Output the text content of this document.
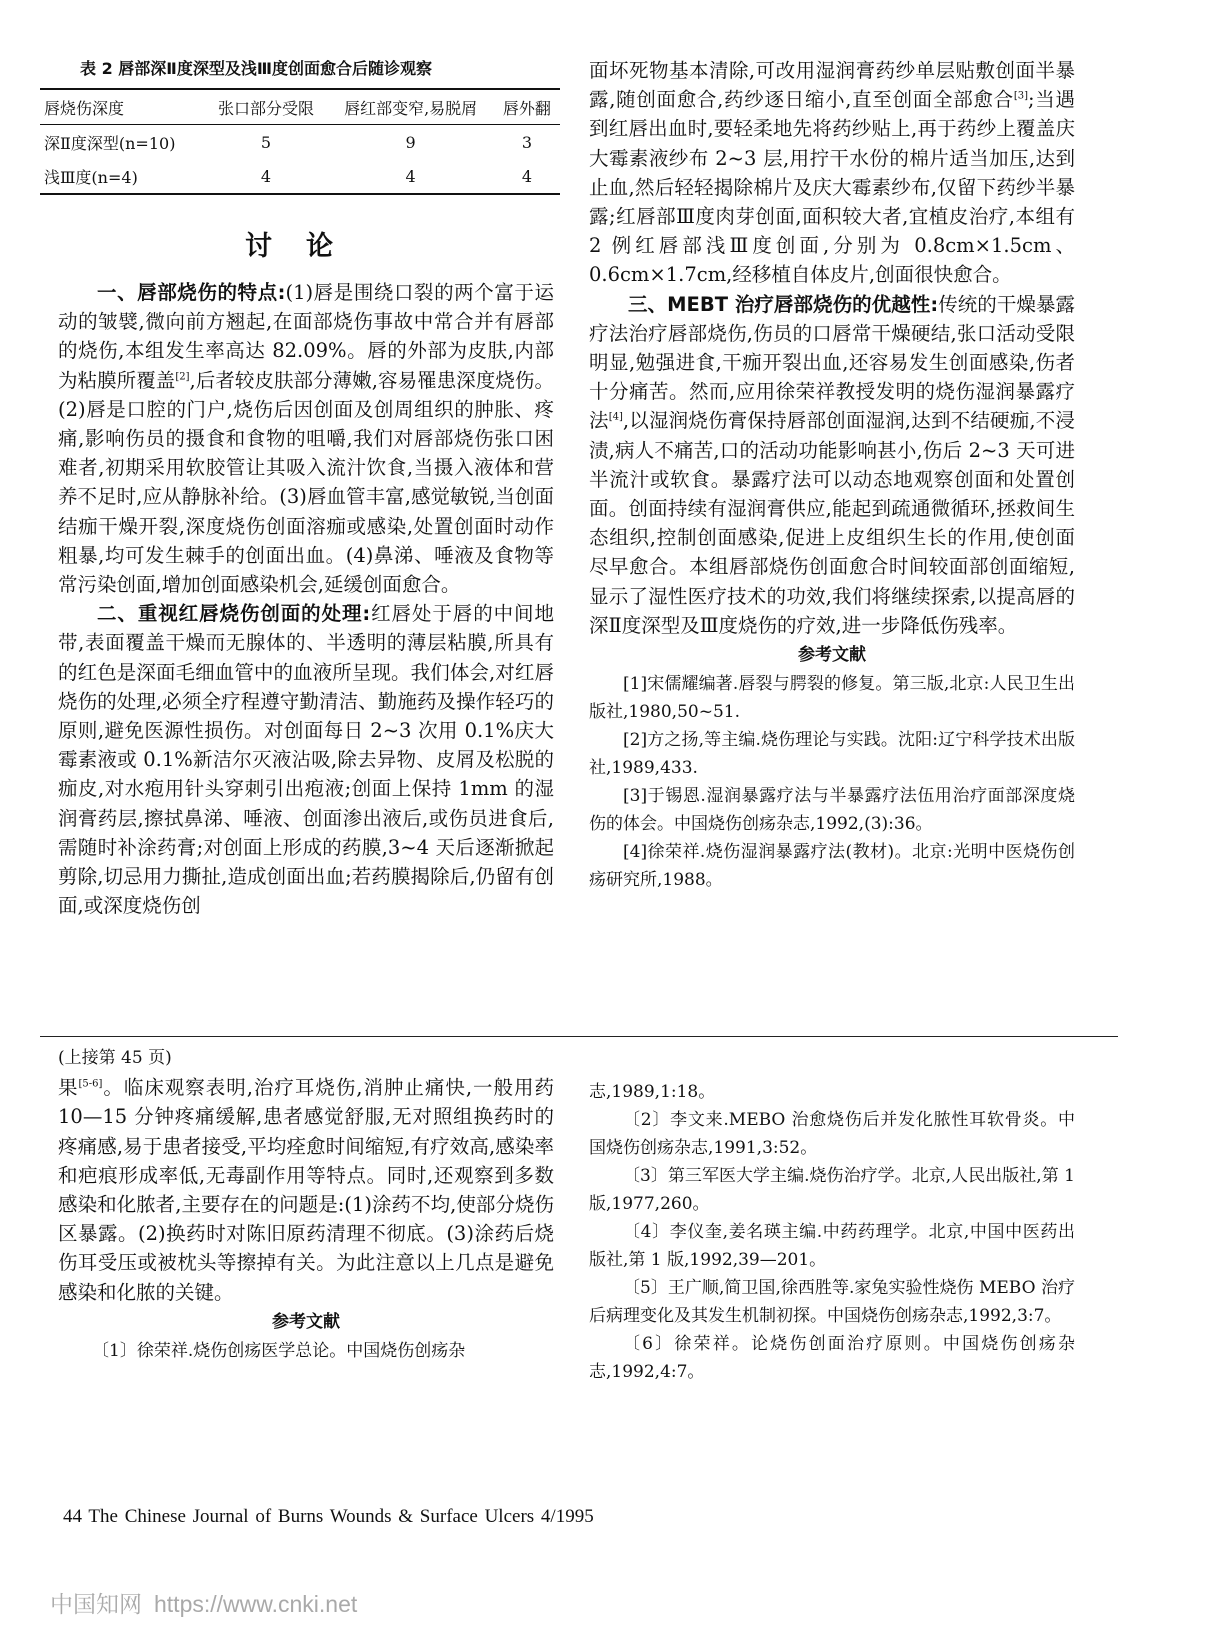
表 2 唇部深Ⅱ度深型及浅Ⅲ度创面愈合后随诊观察
唇烧伤深度	张口部分受限	唇红部变窄,易脱屑	唇外翻
深Ⅱ度深型(n=10)	5	9	3
浅Ⅲ度(n=4)	4	4	4
讨论

一、唇部烧伤的特点:(1)唇是围绕口裂的两个富于运动的皱襞,微向前方翘起,在面部烧伤事故中常合并有唇部的烧伤,本组发生率高达 82.09%。唇的外部为皮肤,内部为粘膜所覆盖[2],后者较皮肤部分薄嫩,容易罹患深度烧伤。(2)唇是口腔的门户,烧伤后因创面及创周组织的肿胀、疼痛,影响伤员的摄食和食物的咀嚼,我们对唇部烧伤张口困难者,初期采用软胶管让其吸入流汁饮食,当摄入液体和营养不足时,应从静脉补给。(3)唇血管丰富,感觉敏锐,当创面结痂干燥开裂,深度烧伤创面溶痂或感染,处置创面时动作粗暴,均可发生棘手的创面出血。(4)鼻涕、唾液及食物等常污染创面,增加创面感染机会,延缓创面愈合。

二、重视红唇烧伤创面的处理:红唇处于唇的中间地带,表面覆盖干燥而无腺体的、半透明的薄层粘膜,所具有的红色是深面毛细血管中的血液所呈现。我们体会,对红唇烧伤的处理,必须全疗程遵守勤清洁、勤施药及操作轻巧的原则,避免医源性损伤。对创面每日 2~3 次用 0.1%庆大霉素液或 0.1%新洁尔灭液沾吸,除去异物、皮屑及松脱的痂皮,对水疱用针头穿刺引出疱液;创面上保持 1mm 的湿润膏药层,擦拭鼻涕、唾液、创面渗出液后,或伤员进食后,需随时补涂药膏;对创面上形成的药膜,3~4 天后逐渐掀起剪除,切忌用力撕扯,造成创面出血;若药膜揭除后,仍留有创面,或深度烧伤创

面坏死物基本清除,可改用湿润膏药纱单层贴敷创面半暴露,随创面愈合,药纱逐日缩小,直至创面全部愈合[3];当遇到红唇出血时,要轻柔地先将药纱贴上,再于药纱上覆盖庆大霉素液纱布 2~3 层,用拧干水份的棉片适当加压,达到止血,然后轻轻揭除棉片及庆大霉素纱布,仅留下药纱半暴露;红唇部Ⅲ度肉芽创面,面积较大者,宜植皮治疗,本组有 2 例红唇部浅Ⅲ度创面,分别为 0.8cm×1.5cm、0.6cm×1.7cm,经移植自体皮片,创面很快愈合。

三、MEBT 治疗唇部烧伤的优越性:传统的干燥暴露疗法治疗唇部烧伤,伤员的口唇常干燥硬结,张口活动受限明显,勉强进食,干痂开裂出血,还容易发生创面感染,伤者十分痛苦。然而,应用徐荣祥教授发明的烧伤湿润暴露疗法[4],以湿润烧伤膏保持唇部创面湿润,达到不结硬痂,不浸渍,病人不痛苦,口的活动功能影响甚小,伤后 2~3 天可进半流汁或软食。暴露疗法可以动态地观察创面和处置创面。创面持续有湿润膏供应,能起到疏通微循环,拯救间生态组织,控制创面感染,促进上皮组织生长的作用,使创面尽早愈合。本组唇部烧伤创面愈合时间较面部创面缩短,显示了湿性医疗技术的功效,我们将继续探索,以提高唇的深Ⅱ度深型及Ⅲ度烧伤的疗效,进一步降低伤残率。

参考文献

[1]宋儒耀编著.唇裂与腭裂的修复。第三版,北京:人民卫生出版社,1980,50~51.

[2]方之扬,等主编.烧伤理论与实践。沈阳:辽宁科学技术出版社,1989,433.

[3]于锡恩.湿润暴露疗法与半暴露疗法伍用治疗面部深度烧伤的体会。中国烧伤创疡杂志,1992,(3):36。

[4]徐荣祥.烧伤湿润暴露疗法(教材)。北京:光明中医烧伤创疡研究所,1988。

(上接第 45 页)

果[5-6]。临床观察表明,治疗耳烧伤,消肿止痛快,一般用药 10—15 分钟疼痛缓解,患者感觉舒服,无对照组换药时的疼痛感,易于患者接受,平均痊愈时间缩短,有疗效高,感染率和疤痕形成率低,无毒副作用等特点。同时,还观察到多数感染和化脓者,主要存在的问题是:(1)涂药不均,使部分烧伤区暴露。(2)换药时对陈旧原药清理不彻底。(3)涂药后烧伤耳受压或被枕头等擦掉有关。为此注意以上几点是避免感染和化脓的关键。

参考文献

〔1〕徐荣祥.烧伤创疡医学总论。中国烧伤创疡杂

志,1989,1:18。

〔2〕李文来.MEBO 治愈烧伤后并发化脓性耳软骨炎。中国烧伤创疡杂志,1991,3:52。

〔3〕第三军医大学主编.烧伤治疗学。北京,人民出版社,第 1 版,1977,260。

〔4〕李仪奎,姜名瑛主编.中药药理学。北京,中国中医药出版社,第 1 版,1992,39—201。

〔5〕王广顺,简卫国,徐西胜等.家兔实验性烧伤 MEBO 治疗后病理变化及其发生机制初探。中国烧伤创疡杂志,1992,3:7。

〔6〕徐荣祥。论烧伤创面治疗原则。中国烧伤创疡杂志,1992,4:7。

44 The Chinese Journal of Burns Wounds & Surface Ulcers 4/1995
中国知网 https://www.cnki.net
